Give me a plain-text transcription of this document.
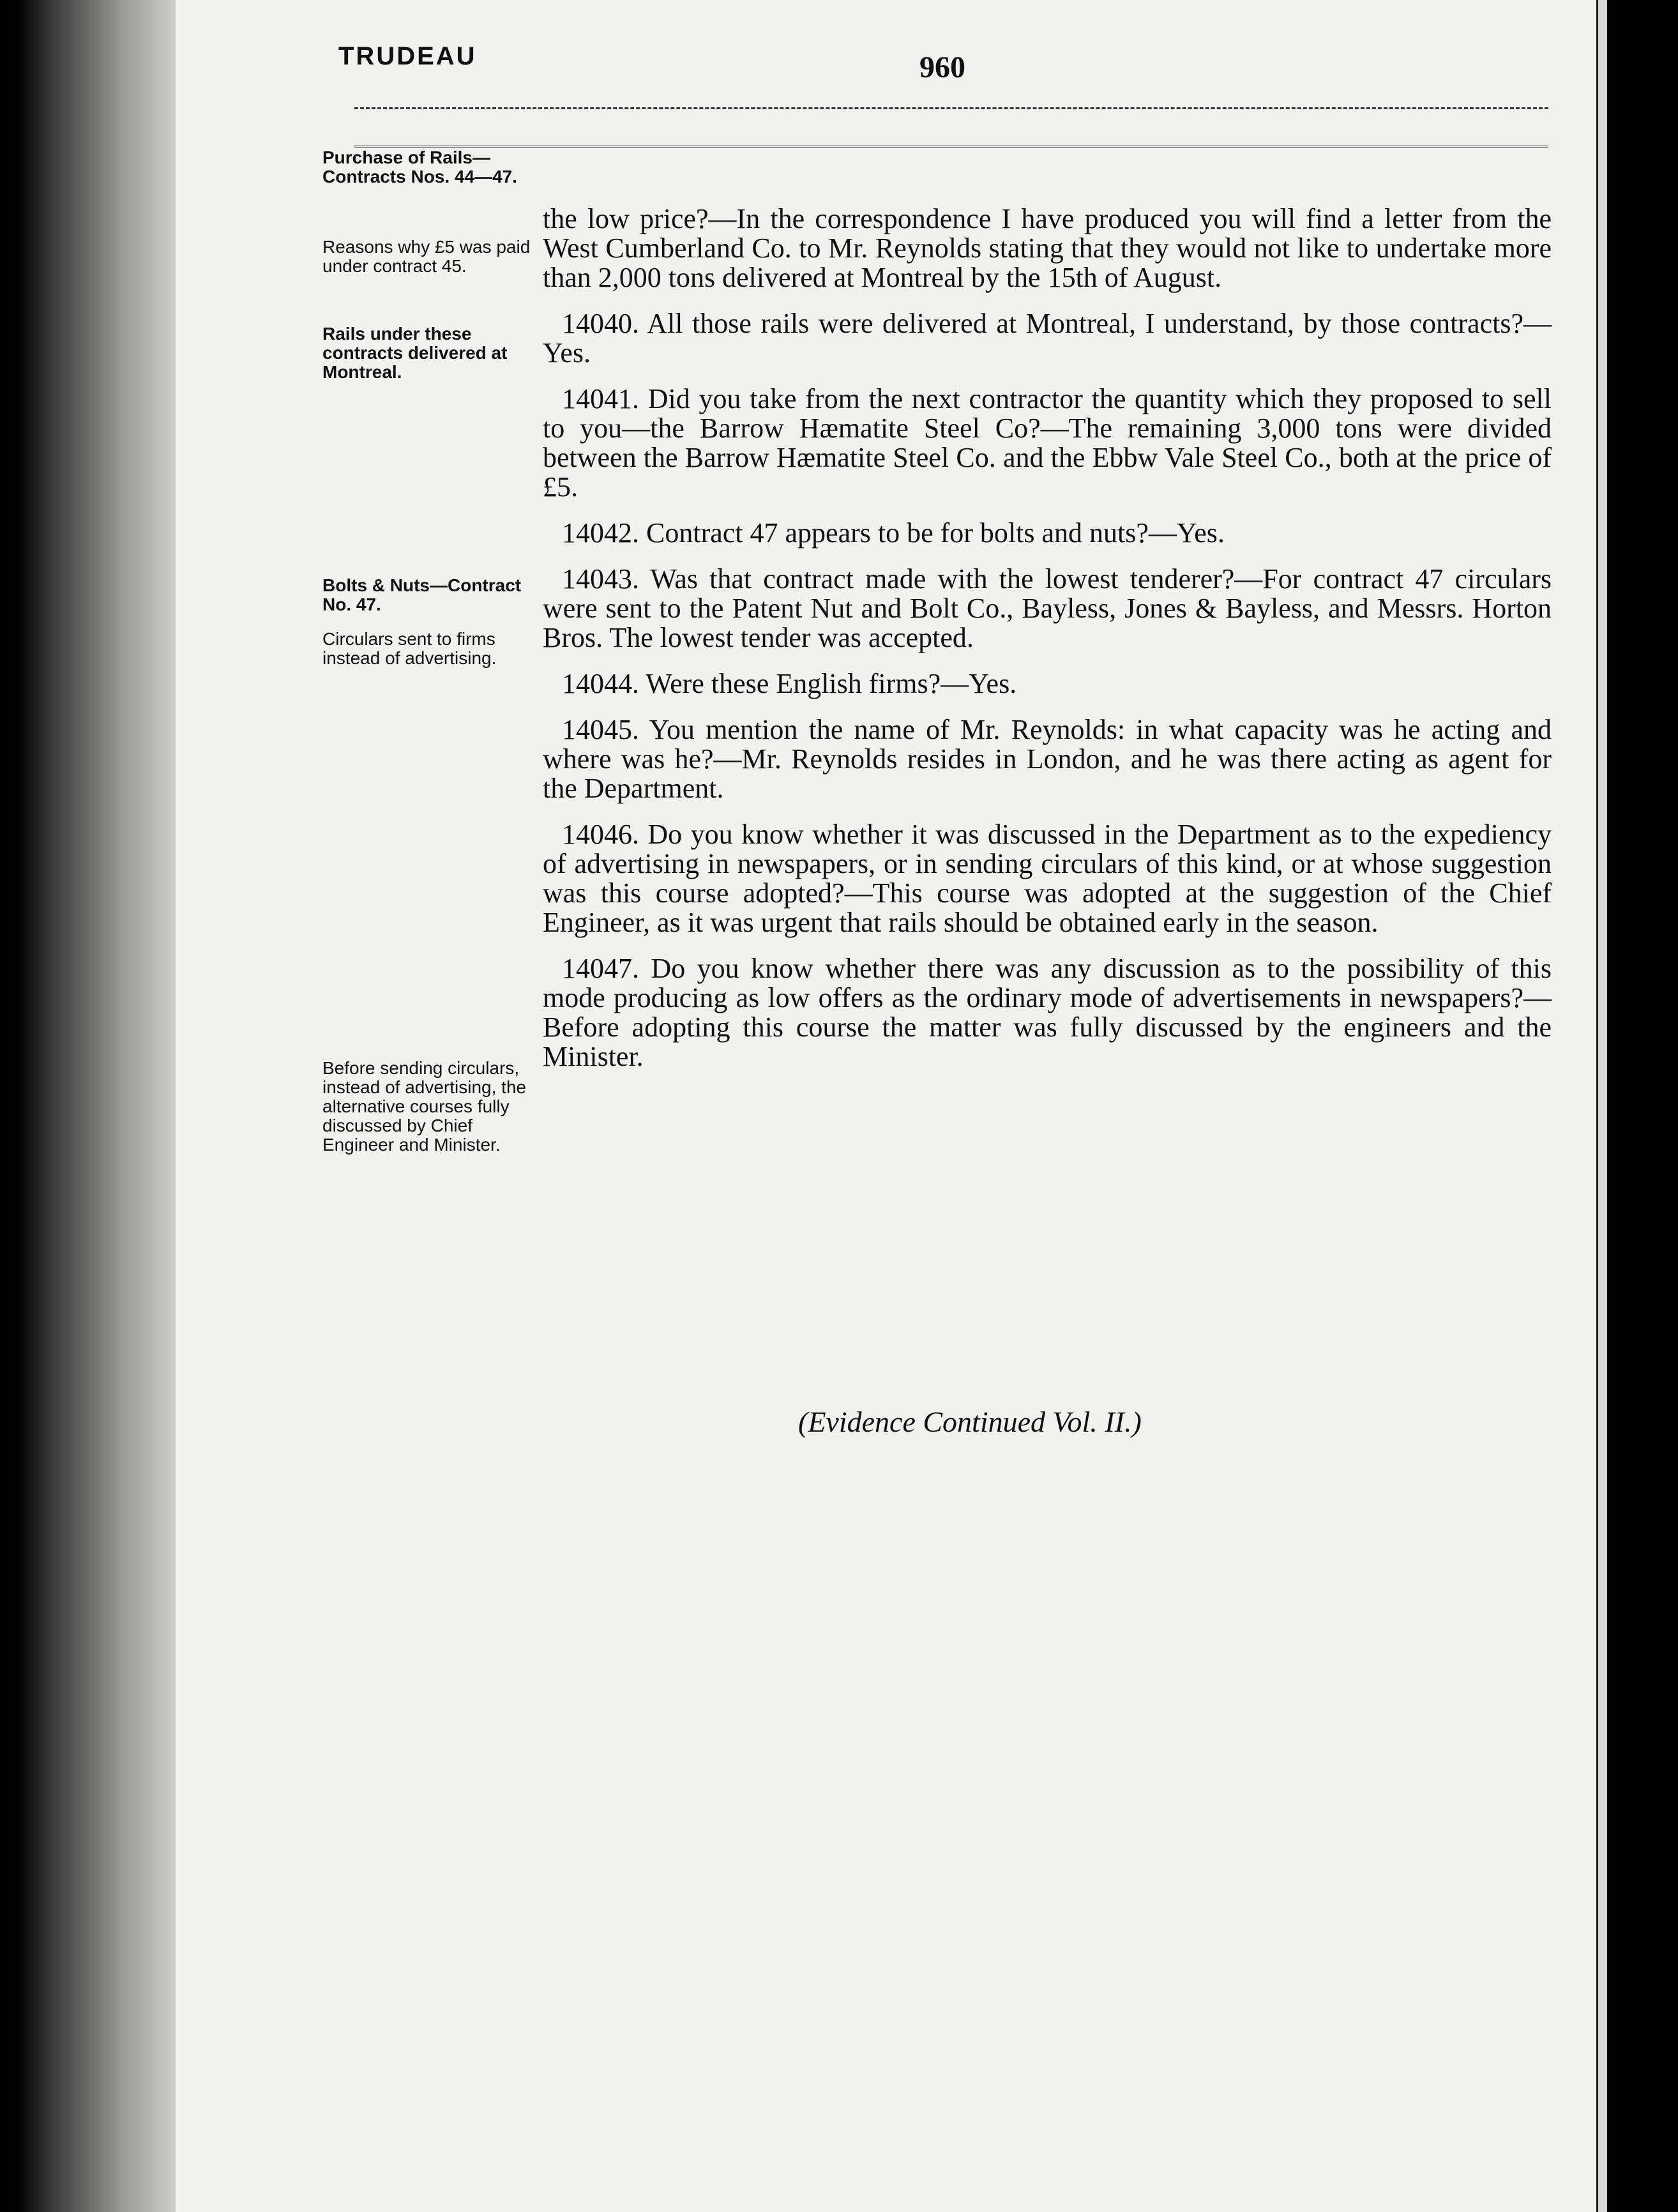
TRUDEAU	960
Purchase of Rails—Contracts Nos. 44—47.
Reasons why £5 was paid under contract 45.
Rails under these contracts delivered at Montreal.
Bolts & Nuts—Contract No. 47.
Circulars sent to firms instead of advertising.
Before sending circulars, instead of advertising, the alternative courses fully discussed by Chief Engineer and Minister.

the low price?—In the correspondence I have produced you will find a letter from the West Cumberland Co. to Mr. Reynolds stating that they would not like to undertake more than 2,000 tons delivered at Montreal by the 15th of August.

14040. All those rails were delivered at Montreal, I understand, by those contracts?—Yes.

14041. Did you take from the next contractor the quantity which they proposed to sell to you—the Barrow Hæmatite Steel Co?—The remaining 3,000 tons were divided between the Barrow Hæmatite Steel Co. and the Ebbw Vale Steel Co., both at the price of £5.

14042. Contract 47 appears to be for bolts and nuts?—Yes.

14043. Was that contract made with the lowest tenderer?—For contract 47 circulars were sent to the Patent Nut and Bolt Co., Bayless, Jones & Bayless, and Messrs. Horton Bros. The lowest tender was accepted.

14044. Were these English firms?—Yes.

14045. You mention the name of Mr. Reynolds: in what capacity was he acting and where was he?—Mr. Reynolds resides in London, and he was there acting as agent for the Department.

14046. Do you know whether it was discussed in the Department as to the expediency of advertising in newspapers, or in sending circulars of this kind, or at whose suggestion was this course adopted?—This course was adopted at the suggestion of the Chief Engineer, as it was urgent that rails should be obtained early in the season.

14047. Do you know whether there was any discussion as to the possibility of this mode producing as low offers as the ordinary mode of advertisements in newspapers?—Before adopting this course the matter was fully discussed by the engineers and the Minister.

(Evidence Continued Vol. II.)
